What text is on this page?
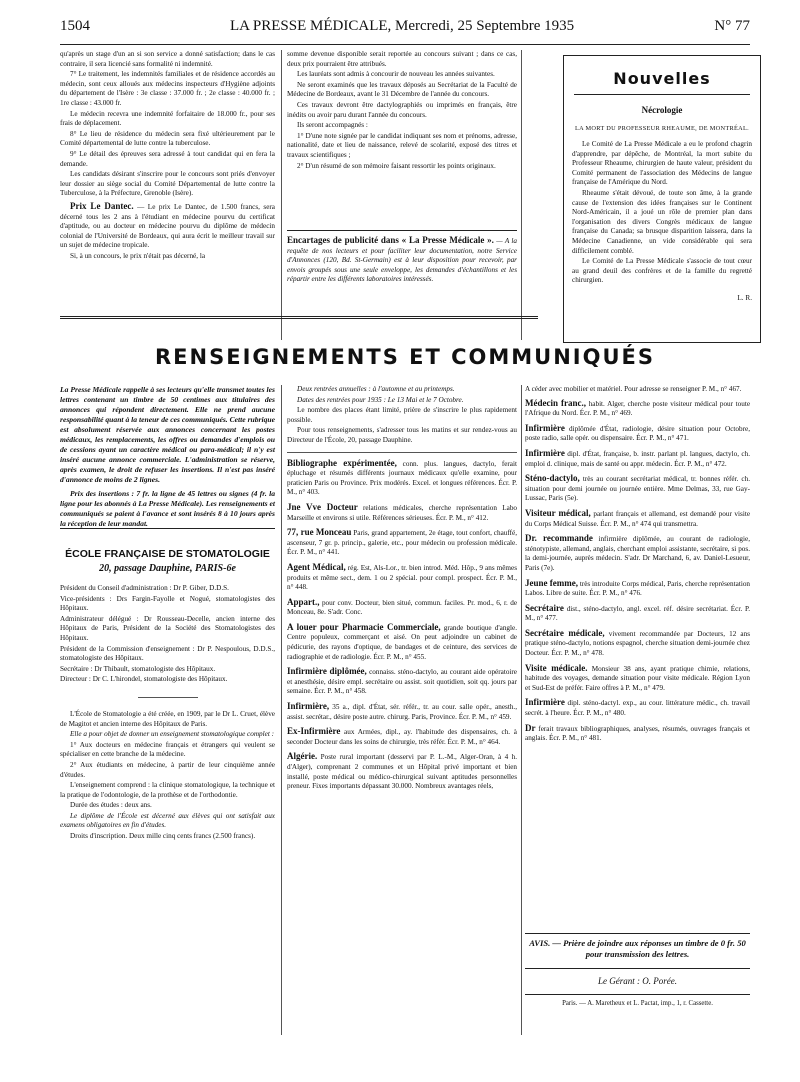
1504	LA PRESSE MÉDICALE, Mercredi, 25 Septembre 1935	N° 77

qu'après un stage d'un an si son service a donné satisfaction; dans le cas contraire, il sera licencié sans formalité ni indemnité.

7° Le traitement, les indemnités familiales et de résidence accordés au médecin, sont ceux alloués aux médecins inspecteurs d'Hygiène adjoints du département de l'Isère : 3e classe : 37.000 fr. ; 2e classe : 40.000 fr. ; 1re classe : 43.000 fr.

Le médecin recevra une indemnité forfaitaire de 18.000 fr., pour ses frais de déplacement.

8° Le lieu de résidence du médecin sera fixé ultérieurement par le Comité départemental de lutte contre la tuberculose.

9° Le détail des épreuves sera adressé à tout candidat qui en fera la demande.

Les candidats désirant s'inscrire pour le concours sont priés d'envoyer leur dossier au siège social du Comité Départemental de lutte contre la Tuberculose, à la Préfecture, Grenoble (Isère).

Prix Le Dantec. — Le prix Le Dantec, de 1.500 francs, sera décerné tous les 2 ans à l'étudiant en médecine pourvu du certificat d'aptitude, ou au docteur en médecine pourvu du diplôme de médecin colonial de l'Université de Bordeaux, qui aura écrit le meilleur travail sur un sujet de médecine tropicale.

Si, à un concours, le prix n'était pas décerné, la

somme devenue disponible serait reportée au concours suivant ; dans ce cas, deux prix pourraient être attribués.

Les lauréats sont admis à concourir de nouveau les années suivantes.

Ne seront examinés que les travaux déposés au Secrétariat de la Faculté de Médecine de Bordeaux, avant le 31 Décembre de l'année du concours.

Ces travaux devront être dactylographiés ou imprimés en français, être inédits ou avoir paru durant l'année du concours.

Ils seront accompagnés :

1° D'une note signée par le candidat indiquant ses nom et prénoms, adresse, nationalité, date et lieu de naissance, relevé de scolarité, exposé des titres et travaux scientifiques ;

2° D'un résumé de son mémoire faisant ressortir les points originaux.

Encartages de publicité dans « La Presse Médicale ». — A la requête de nos lecteurs et pour faciliter leur documentation, notre Service d'Annonces (120, Bd. St-Germain) est à leur disposition pour recevoir, par envois groupés sous une seule enveloppe, les demandes d'échantillons et les répartir entre les différents laboratoires intéressés.

Nouvelles
Nécrologie
LA MORT DU PROFESSEUR RHEAUME, DE MONTRÉAL.

Le Comité de La Presse Médicale a eu le profond chagrin d'apprendre, par dépêche, de Montréal, la mort subite du Professeur Rheaume, chirurgien de haute valeur, président du Comité permanent de l'association des Médecins de langue française de l'Amérique du Nord.

Rheaume s'était dévoué, de toute son âme, à la grande cause de l'extension des idées françaises sur le Continent Nord-Américain, il a joué un rôle de premier plan dans l'organisation des divers Congrès médicaux de langue française du Canada; sa brusque disparition laissera, dans la Médecine Canadienne, un vide considérable qui sera difficilement comblé.

Le Comité de La Presse Médicale s'associe de tout cœur au grand deuil des confrères et de la famille du regretté chirurgien.

L. R.
RENSEIGNEMENTS ET COMMUNIQUÉS

La Presse Médicale rappelle à ses lecteurs qu'elle transmet toutes les lettres contenant un timbre de 50 centimes aux titulaires des annonces qui répondent directement. Elle ne prend aucune responsabilité quant à la teneur de ces communiqués. Cette rubrique est absolument réservée aux annonces concernant les postes médicaux, les remplacements, les offres ou demandes d'emplois ou de cessions ayant un caractère médical ou para-médical; il n'y est inséré aucune annonce commerciale. L'administration se réserve, après examen, le droit de refuser les insertions. Il n'est pas inséré d'annonce de moins de 2 lignes.

Prix des insertions : 7 fr. la ligne de 45 lettres ou signes (4 fr. la ligne pour les abonnés à La Presse Médicale). Les renseignements et communiqués se paient à l'avance et sont insérés 8 à 10 jours après la réception de leur mandat.

ÉCOLE FRANÇAISE DE STOMATOLOGIE
20, passage Dauphine, PARIS-6e

Président du Conseil d'administration : Dr P. Giber, D.D.S.

Vice-présidents : Drs Fargin-Fayolle et Nogué, stomatologistes des Hôpitaux.

Administrateur délégué : Dr Rousseau-Decelle, ancien interne des Hôpitaux de Paris, Président de la Société des Stomatologistes des Hôpitaux.

Président de la Commission d'enseignement : Dr P. Nespoulous, D.D.S., stomatologiste des Hôpitaux.

Secrétaire : Dr Thibault, stomatologiste des Hôpitaux.

Directeur : Dr C. L'hirondel, stomatologiste des Hôpitaux.

L'École de Stomatologie a été créée, en 1909, par le Dr L. Cruet, élève de Magitot et ancien interne des Hôpitaux de Paris.

Elle a pour objet de donner un enseignement stomatologique complet :

1° Aux docteurs en médecine français et étrangers qui veulent se spécialiser en cette branche de la médecine.

2° Aux étudiants en médecine, à partir de leur cinquième année d'études.

L'enseignement comprend : la clinique stomatologique, la technique et la pratique de l'odontologie, de la prothèse et de l'orthodontie.

Durée des études : deux ans.

Le diplôme de l'École est décerné aux élèves qui ont satisfait aux examens obligatoires en fin d'études.

Droits d'inscription. Deux mille cinq cents francs (2.500 francs).

Deux rentrées annuelles : à l'automne et au printemps.

Dates des rentrées pour 1935 : Le 13 Mai et le 7 Octobre.

Le nombre des places étant limité, prière de s'inscrire le plus rapidement possible.

Pour tous renseignements, s'adresser tous les matins et sur rendez-vous au Directeur de l'École, 20, passage Dauphine.

Bibliographe expérimentée, conn. plus. langues, dactylo, ferait épluchage et résumés différents journaux médicaux qu'elle examine, pour praticien Paris ou Province. Prix modérés. Excel. et longues références. Écr. P. M., n° 403.

Jne Vve Docteur relations médicales, cherche représentation Labo Marseille et environs si utile. Références sérieuses. Écr. P. M., n° 412.

77, rue Monceau Paris, grand appartement, 2e étage, tout confort, chauffé, ascenseur, 7 gr. p. princip., galerie, etc., pour médecin ou profession médicale. Écr. P. M., n° 441.

Agent Médical, rég. Est, Als-Lor., tr. bien introd. Méd. Hôp., 9 ans mêmes produits et même sect., dem. 1 ou 2 spécial. pour compl. prospect. Écr. P. M., n° 448.

Appart., pour conv. Docteur, bien situé, commun. faciles. Pr. mod., 6, r. de Monceau, 8e. S'adr. Conc.

A louer pour Pharmacie Commerciale, grande boutique d'angle. Centre populeux, commerçant et aisé. On peut adjoindre un cabinet de pédicurie, des rayons d'optique, de bandages et de ceinture, des services de radiographie et de radiologie. Écr. P. M., n° 455.

Infirmière diplômée, connaiss. sténo-dactylo, au courant aide opératoire et anesthésie, désire empl. secrétaire ou assist. soit quotidien, soit qq. jours par semaine. Écr. P. M., n° 458.

Infirmière, 35 a., dipl. d'État, sér. référ., tr. au cour. salle opér., anesth., assist. secrétar., désire poste autre. chirurg. Paris, Province. Écr. P. M., n° 459.

Ex-Infirmière aux Armées, dipl., ay. l'habitude des dispensaires, ch. à seconder Docteur dans les soins de chirurgie, très référ. Écr. P. M., n° 464.

Algérie. Poste rural important (desservi par P. L.-M., Alger-Oran, à 4 h. d'Alger), comprenant 2 communes et un Hôpital privé important et bien installé, poste médical ou médico-chirurgical suivant aptitudes personnelles preneur. Fixes importants dépassant 30.000. Nombreux avantages réels,

A céder avec mobilier et matériel. Pour adresse se renseigner P. M., n° 467.

Médecin franc., habit. Alger, cherche poste visiteur médical pour toute l'Afrique du Nord. Écr. P. M., n° 469.

Infirmière diplômée d'État, radiologie, désire situation pour Octobre, poste radio, salle opér. ou dispensaire. Écr. P. M., n° 471.

Infirmière dipl. d'État, française, b. instr. parlant pl. langues, dactylo, ch. emploi d. clinique, mais de santé ou appr. médecin. Écr. P. M., n° 472.

Sténo-dactylo, très au courant secrétariat médical, tr. bonnes référ. ch. situation pour demi journée ou journée entière. Mme Delmas, 33, rue Gay-Lussac, Paris (5e).

Visiteur médical, parlant français et allemand, est demandé pour visite du Corps Médical Suisse. Écr. P. M., n° 474 qui transmettra.

Dr. recommande infirmière diplômée, au courant de radiologie, sténotypiste, allemand, anglais, cherchant emploi assistante, secrétaire, si pos. la demi-journée, auprès médecin. S'adr. Dr Marchand, 6, av. Daniel-Lesueur, Paris (7e).

Jeune femme, très introduite Corps médical, Paris, cherche représentation Labos. Libre de suite. Écr. P. M., n° 476.

Secrétaire dist., sténo-dactylo, angl. excel. réf. désire secrétariat. Écr. P. M., n° 477.

Secrétaire médicale, vivement recommandée par Docteurs, 12 ans pratique sténo-dactylo, notions espagnol, cherche situation demi-journée chez Docteur. Écr. P. M., n° 478.

Visite médicale. Monsieur 38 ans, ayant pratique chimie, relations, habitude des voyages, demande situation pour visite médicale. Région Lyon et Sud-Est de préfér. Faire offres à P. M., n° 479.

Infirmière dipl. sténo-dactyl. exp., au cour. littérature médic., ch. travail secrét. à l'heure. Écr. P. M., n° 480.

Dr ferait travaux bibliographiques, analyses, résumés, ouvrages français et anglais. Écr. P. M., n° 481.

AVIS. — Prière de joindre aux réponses un timbre de 0 fr. 50 pour transmission des lettres.
Le Gérant : O. Porée.
Paris. — A. Maretheux et L. Pactat, imp., 1, r. Cassette.
